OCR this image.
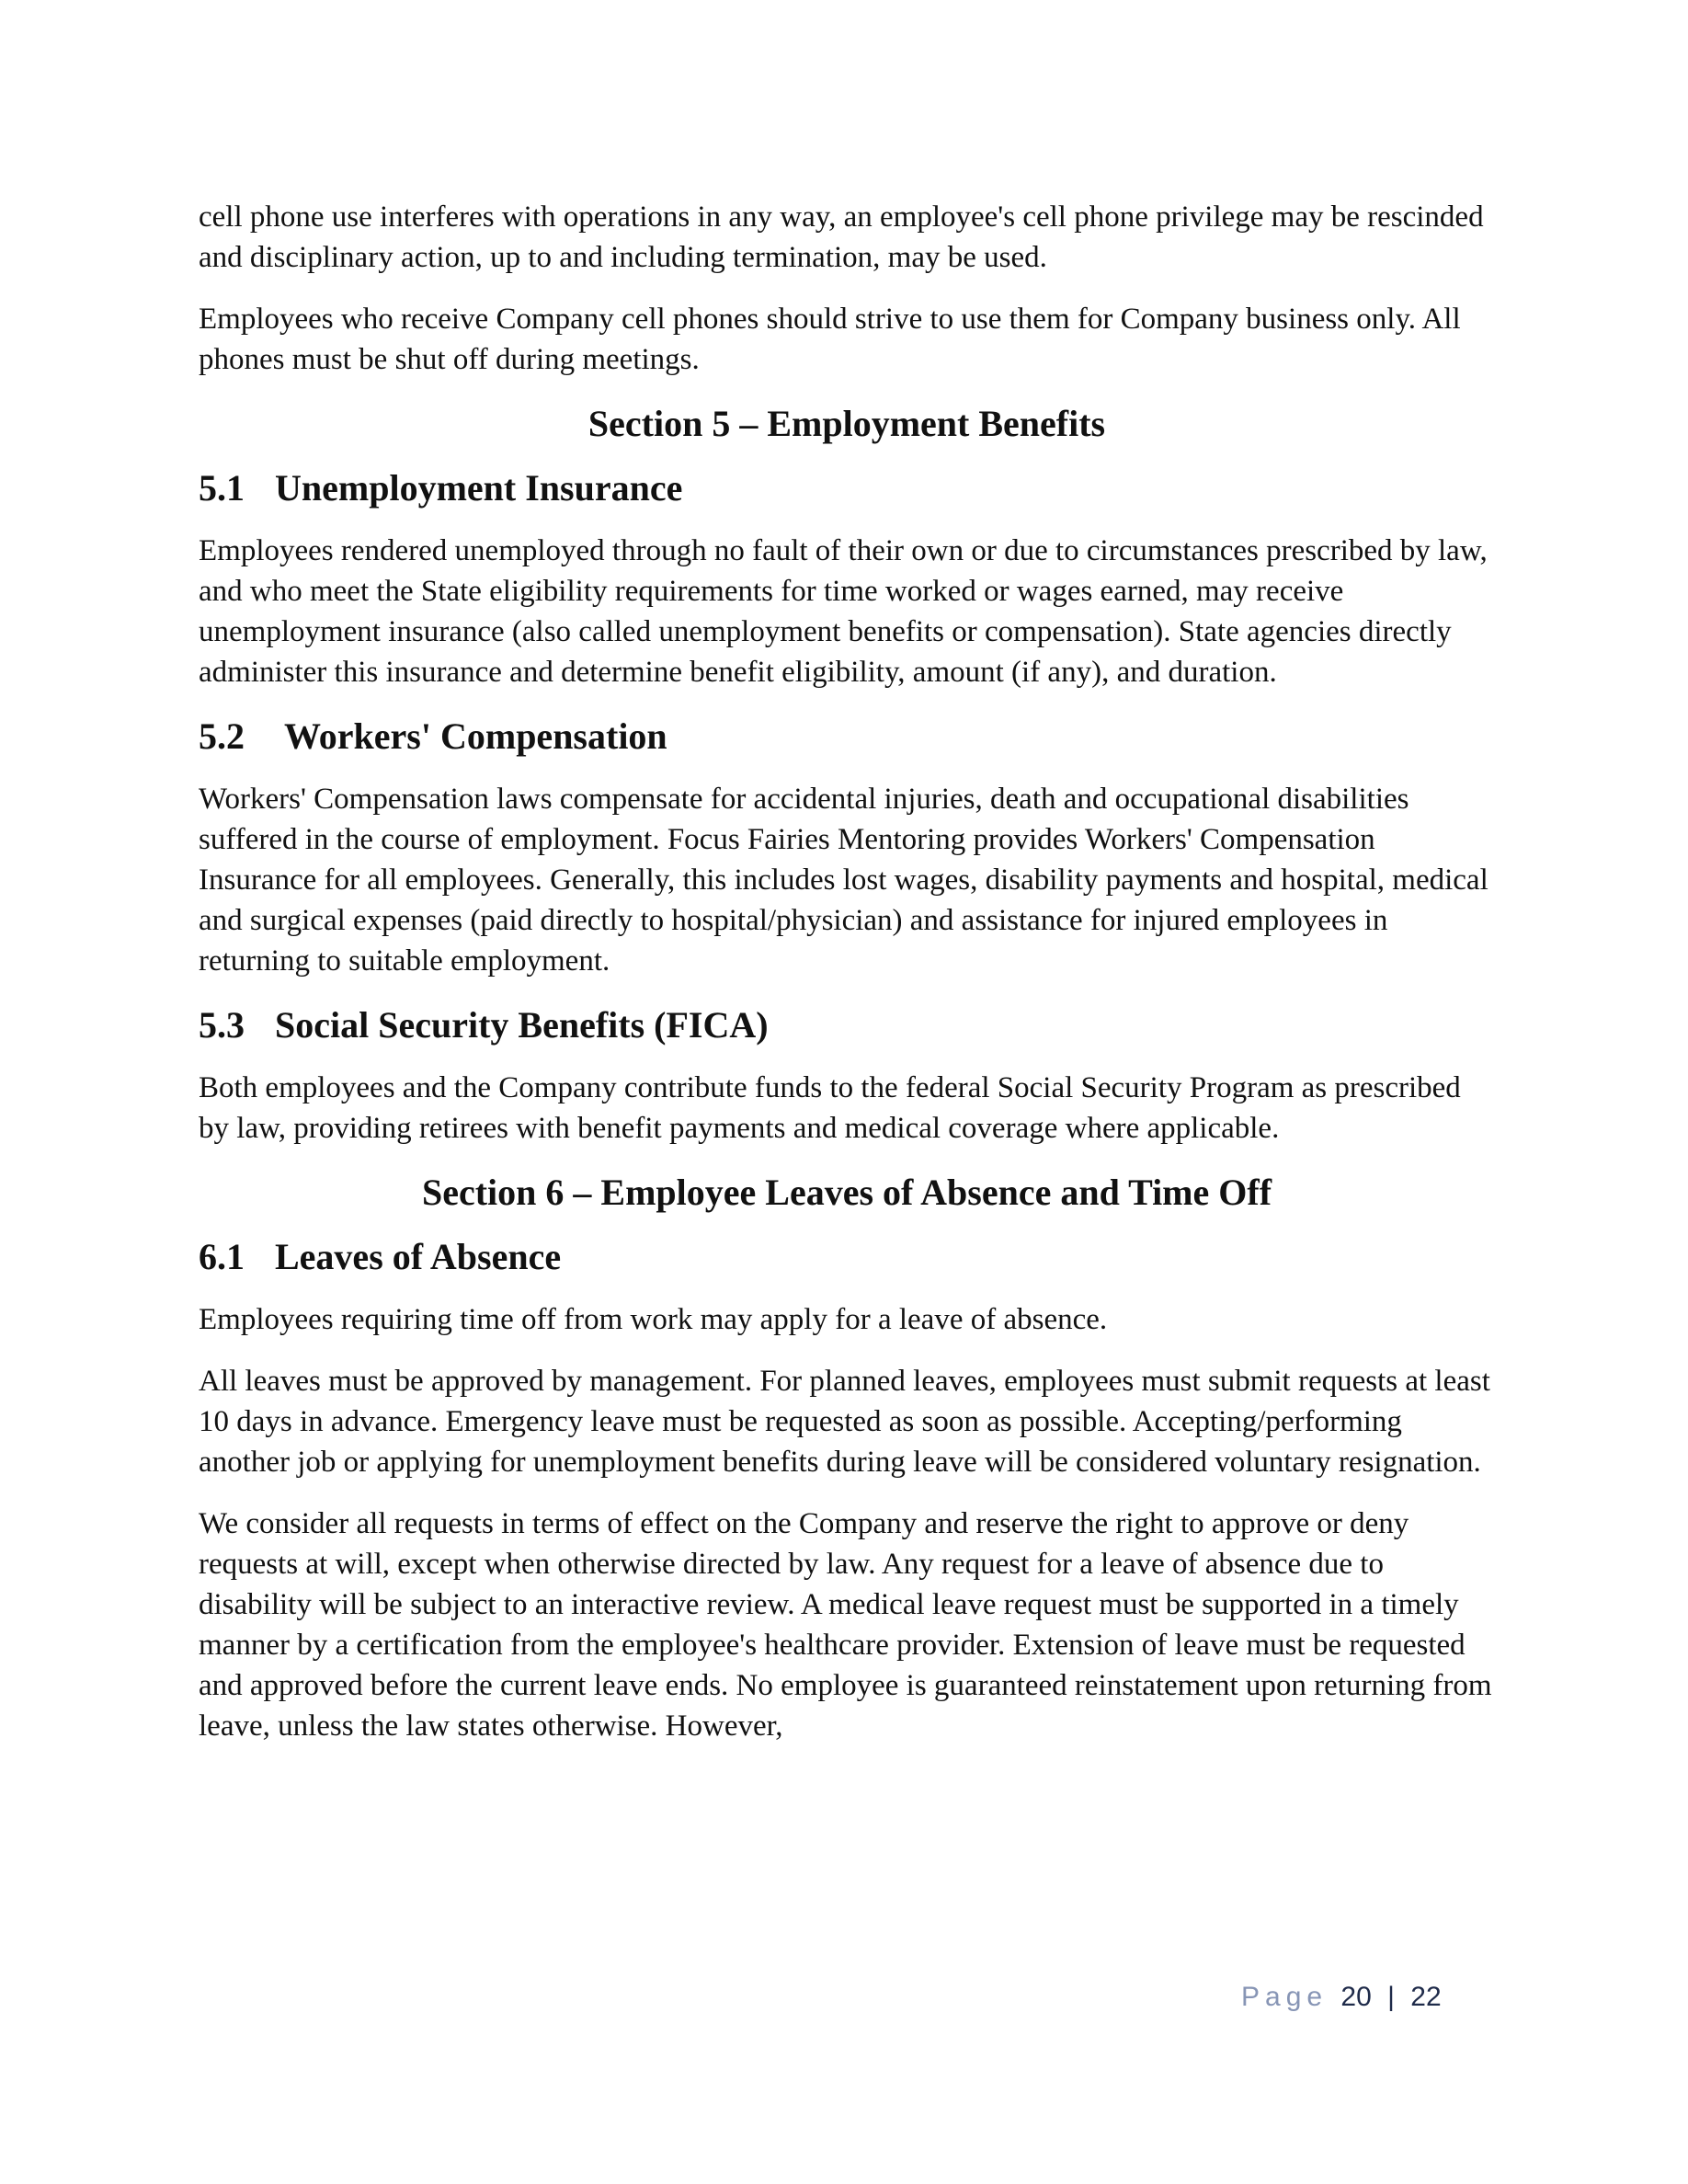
cell phone use interferes with operations in any way, an employee's cell phone privilege may be rescinded and disciplinary action, up to and including termination, may be used.

Employees who receive Company cell phones should strive to use them for Company business only. All phones must be shut off during meetings.

Section 5 – Employment Benefits
5.1 Unemployment Insurance

Employees rendered unemployed through no fault of their own or due to circumstances prescribed by law, and who meet the State eligibility requirements for time worked or wages earned, may receive unemployment insurance (also called unemployment benefits or compensation). State agencies directly administer this insurance and determine benefit eligibility, amount (if any), and duration.

5.2	Workers' Compensation

Workers' Compensation laws compensate for accidental injuries, death and occupational disabilities suffered in the course of employment. Focus Fairies Mentoring provides Workers' Compensation Insurance for all employees. Generally, this includes lost wages, disability payments and hospital, medical and surgical expenses (paid directly to hospital/physician) and assistance for injured employees in returning to suitable employment.

5.3 Social Security Benefits (FICA)

Both employees and the Company contribute funds to the federal Social Security Program as prescribed by law, providing retirees with benefit payments and medical coverage where applicable.

Section 6 – Employee Leaves of Absence and Time Off
6.1 Leaves of Absence

Employees requiring time off from work may apply for a leave of absence.

All leaves must be approved by management. For planned leaves, employees must submit requests at least 10 days in advance. Emergency leave must be requested as soon as possible. Accepting/performing another job or applying for unemployment benefits during leave will be considered voluntary resignation.

We consider all requests in terms of effect on the Company and reserve the right to approve or deny requests at will, except when otherwise directed by law. Any request for a leave of absence due to disability will be subject to an interactive review. A medical leave request must be supported in a timely manner by a certification from the employee's healthcare provider. Extension of leave must be requested and approved before the current leave ends. No employee is guaranteed reinstatement upon returning from leave, unless the law states otherwise. However,

Page 20 | 22
